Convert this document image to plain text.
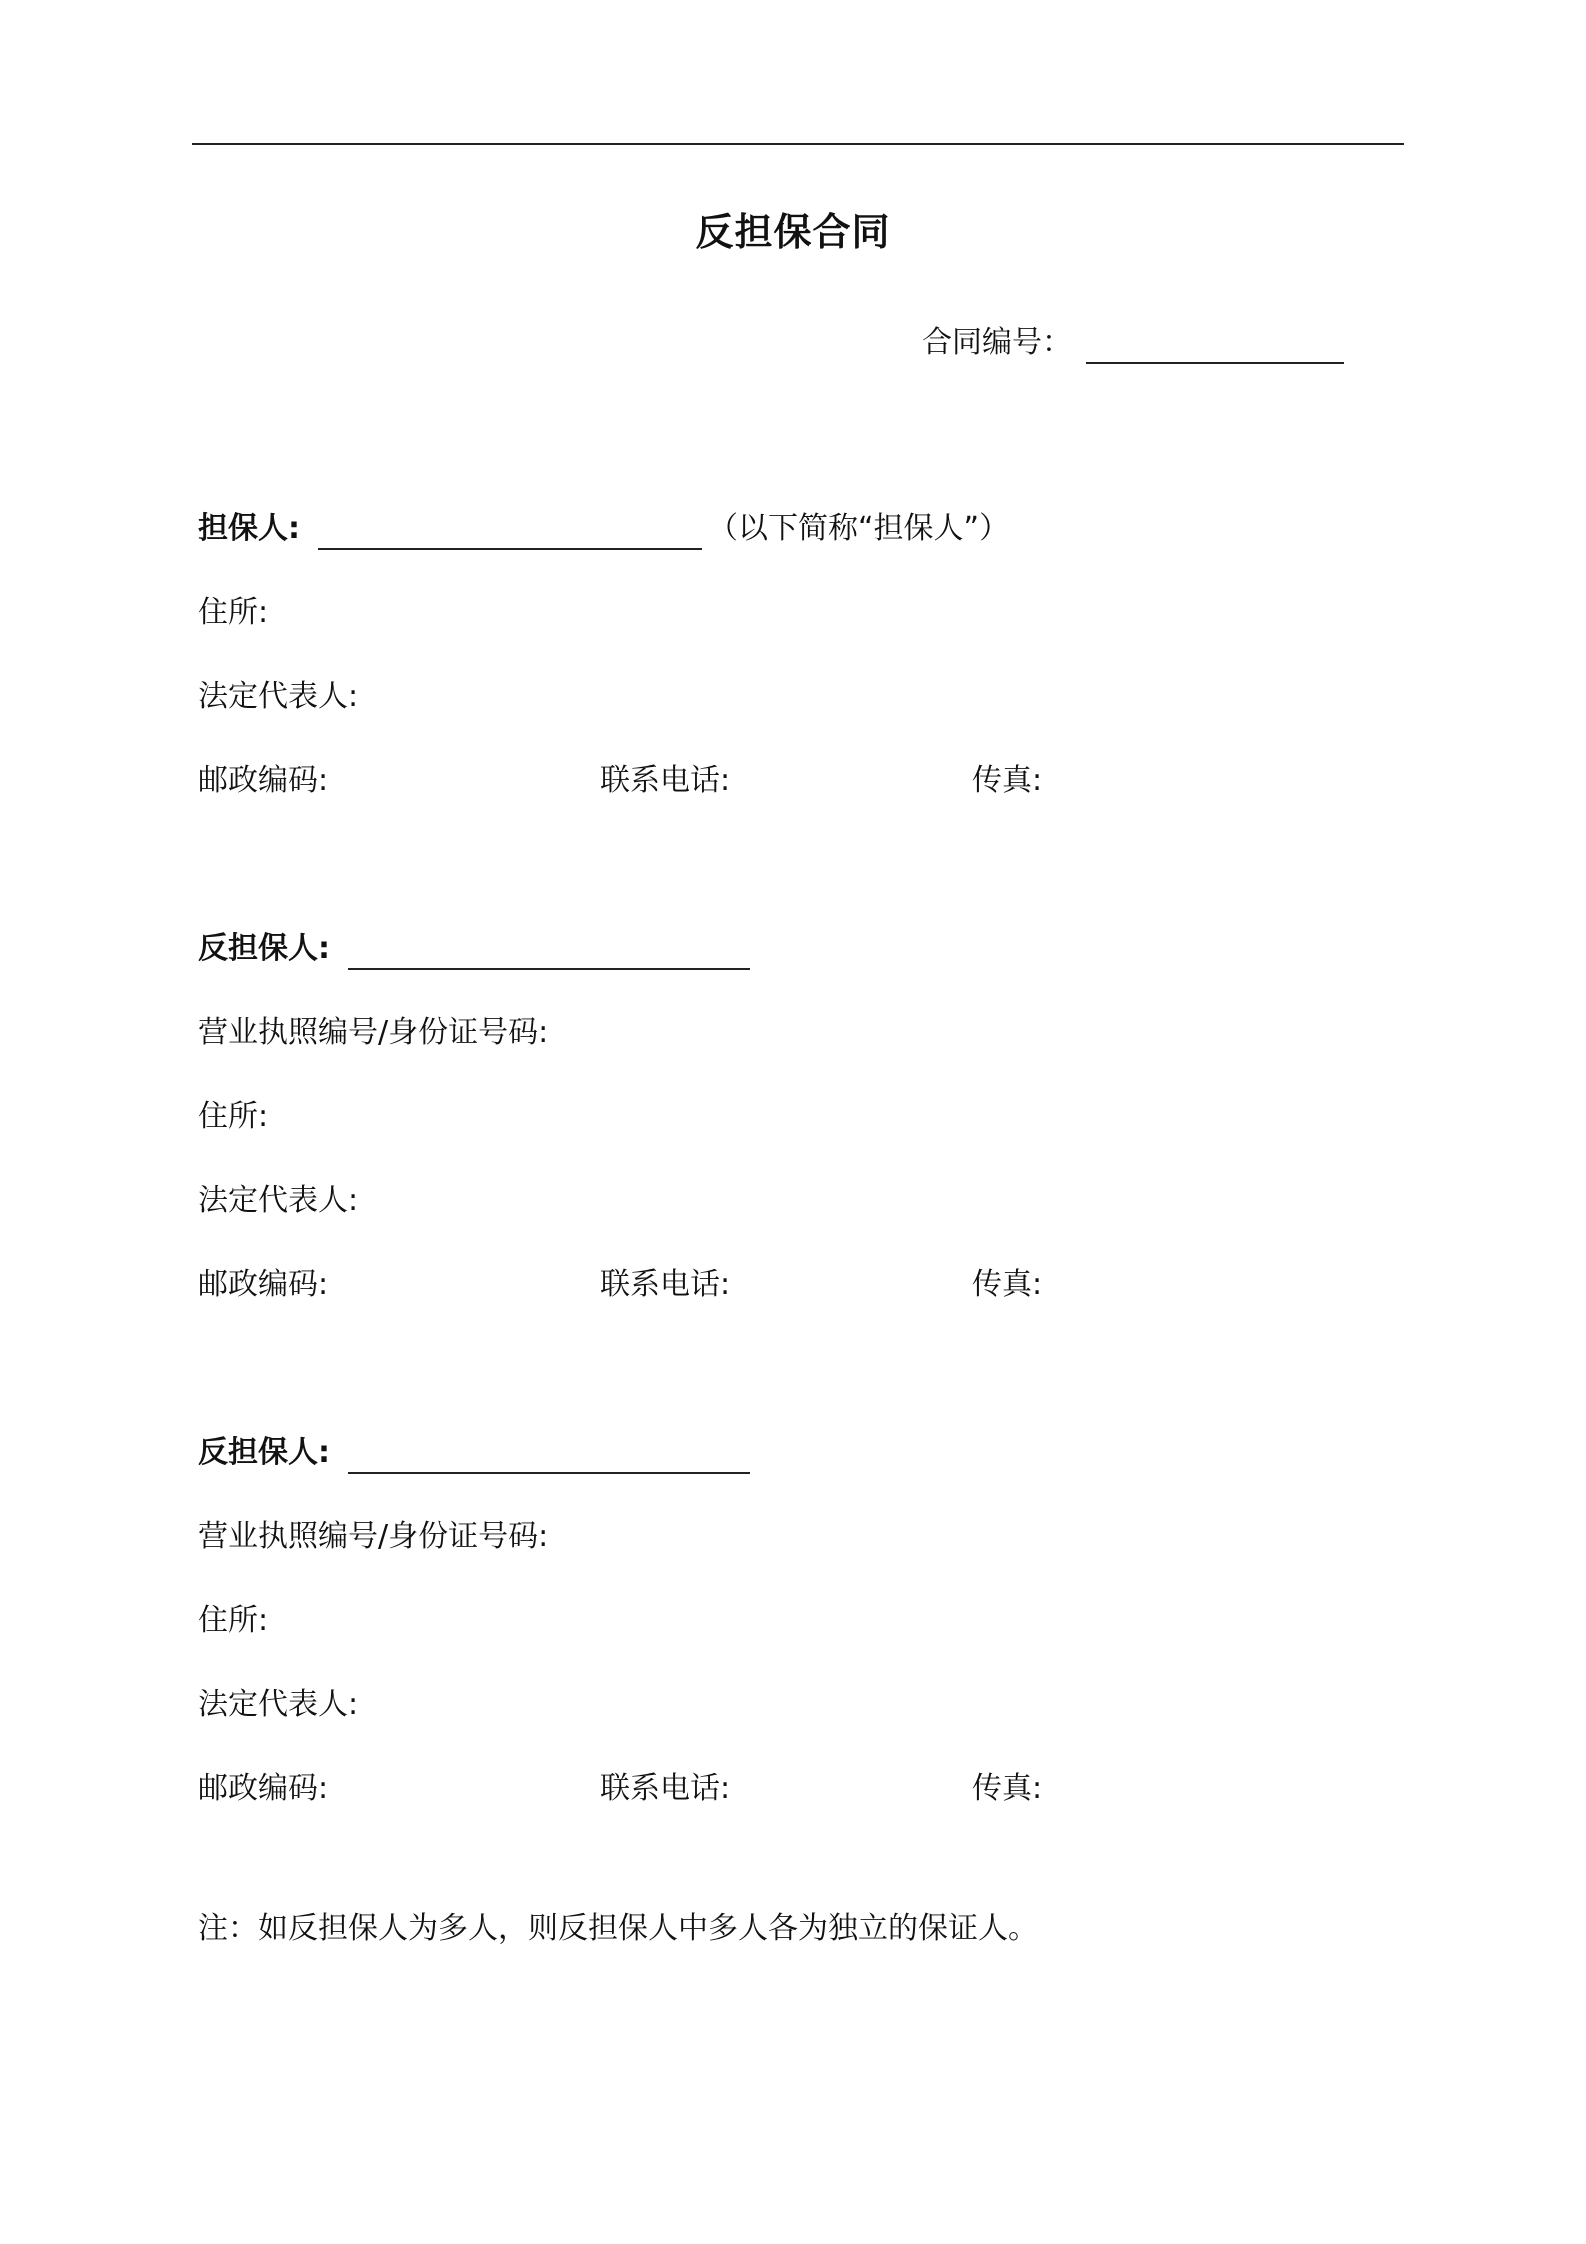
反担保合同
合同编号：
担保人:	（以下简称“担保人”）
住所:
法定代表人:
邮政编码:	联系电话:	传真:
反担保人:
营业执照编号/身份证号码:
住所:
法定代表人:
邮政编码:	联系电话:	传真:
反担保人:
营业执照编号/身份证号码:
住所:
法定代表人:
邮政编码:	联系电话:	传真:
注：如反担保人为多人，则反担保人中多人各为独立的保证人。
